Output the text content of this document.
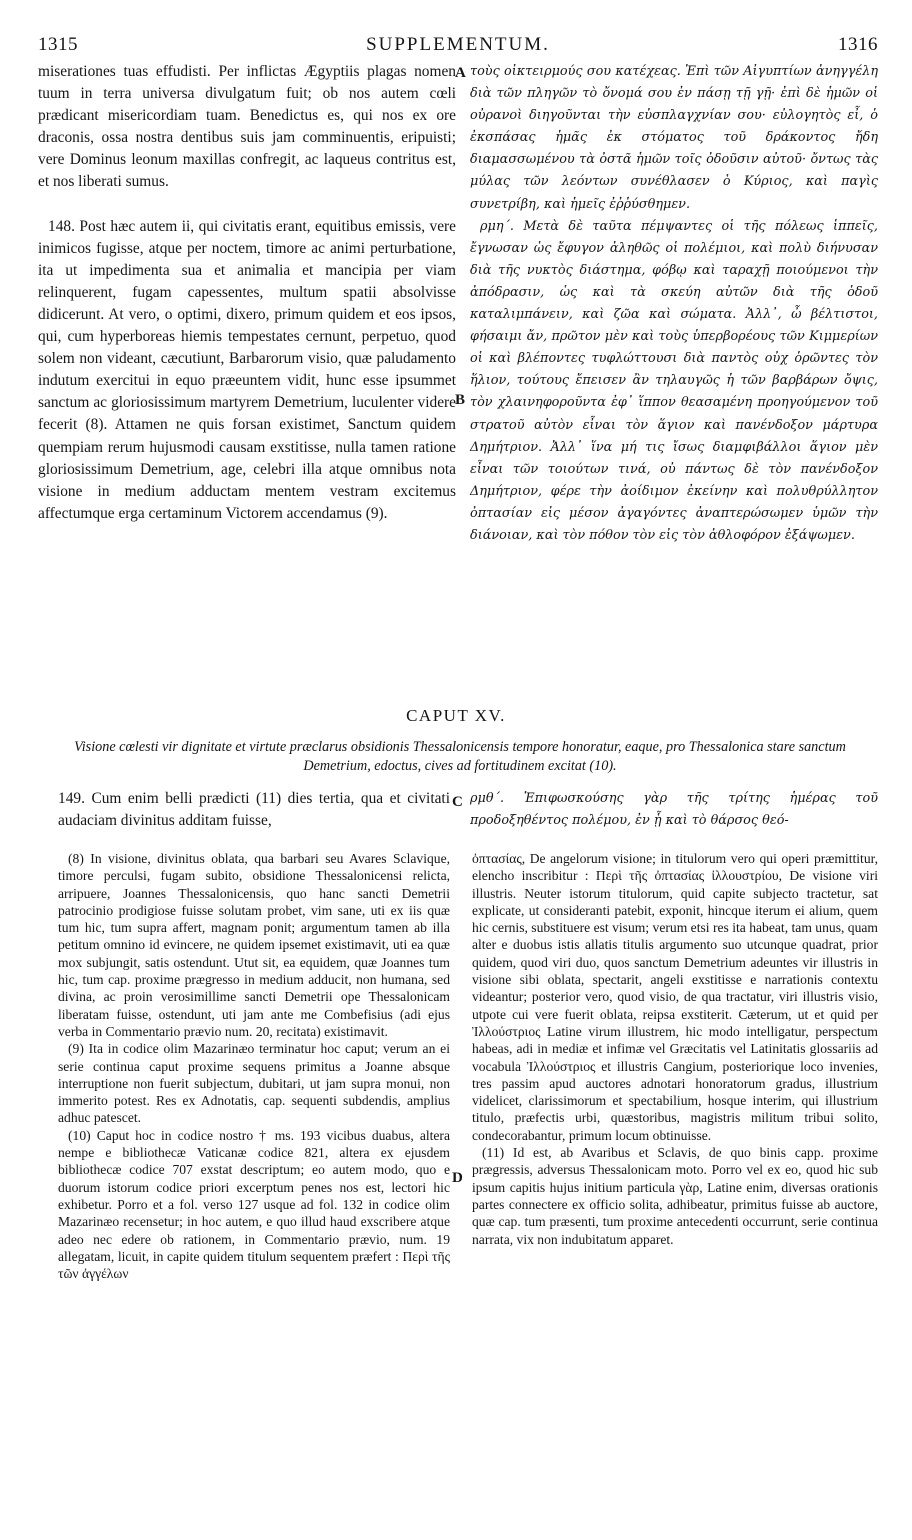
1315	SUPPLEMENTUM.	1316
A
B
C
D

miserationes tuas effudisti. Per inflictas Ægyptiis plagas nomen tuum in terra universa divulgatum fuit; ob nos autem cœli prædicant misericordiam tuam. Benedictus es, qui nos ex ore draconis, ossa nostra dentibus suis jam comminuentis, eripuisti; vere Dominus leonum maxillas confregit, ac laqueus contritus est, et nos liberati sumus.

148. Post hæc autem ii, qui civitatis erant, equitibus emissis, vere inimicos fugisse, atque per noctem, timore ac animi perturbatione, ita ut impedimenta sua et animalia et mancipia per viam relinquerent, fugam capessentes, multum spatii absolvisse didicerunt. At vero, o optimi, dixero, primum quidem et eos ipsos, qui, cum hyperboreas hiemis tempestates cernunt, perpetuo, quod solem non videant, cæcutiunt, Barbarorum visio, quæ paludamento indutum exercitui in equo præeuntem vidit, hunc esse ipsummet sanctum ac gloriosissimum martyrem Demetrium, luculenter videre fecerit (8). Attamen ne quis forsan existimet, Sanctum quidem quempiam rerum hujusmodi causam exstitisse, nulla tamen ratione gloriosissimum Demetrium, age, celebri illa atque omnibus nota visione in medium adductam mentem vestram excitemus affectumque erga certaminum Victorem accendamus (9).

τοὺς οἰκτειρμούς σου κατέχεας. Ἐπὶ τῶν Αἰγυπτίων ἀνηγγέλη διὰ τῶν πληγῶν τὸ ὄνομά σου ἐν πάσῃ τῇ γῇ· ἐπὶ δὲ ἡμῶν οἱ οὐρανοὶ διηγοῦνται τὴν εὐσπλαγχνίαν σου· εὐλογητὸς εἶ, ὁ ἐκσπάσας ἡμᾶς ἐκ στόματος τοῦ δράκοντος ἤδη διαμασσωμένου τὰ ὀστᾶ ἡμῶν τοῖς ὀδοῦσιν αὐτοῦ· ὄντως τὰς μύλας τῶν λεόντων συνέθλασεν ὁ Κύριος, καὶ παγὶς συνετρίβη, καὶ ἡμεῖς ἐῤῥύσθημεν.

ρμη΄. Μετὰ δὲ ταῦτα πέμψαντες οἱ τῆς πόλεως ἱππεῖς, ἔγνωσαν ὡς ἔφυγον ἀληθῶς οἱ πολέμιοι, καὶ πολὺ διήνυσαν διὰ τῆς νυκτὸς διάστημα, φόβῳ καὶ ταραχῇ ποιούμενοι τὴν ἀπόδρασιν, ὡς καὶ τὰ σκεύη αὐτῶν διὰ τῆς ὁδοῦ καταλιμπάνειν, καὶ ζῶα καὶ σώματα. Ἀλλ᾽, ὦ βέλτιστοι, φήσαιμι ἄν, πρῶτον μὲν καὶ τοὺς ὑπερβορέους τῶν Κιμμερίων οἱ καὶ βλέποντες τυφλώττουσι διὰ παντὸς οὐχ ὁρῶντες τὸν ἥλιον, τούτους ἔπεισεν ἂν τηλαυγῶς ἡ τῶν βαρβάρων ὄψις, τὸν χλαινηφοροῦντα ἐφ᾽ ἵππον θεασαμένη προηγούμενον τοῦ στρατοῦ αὐτὸν εἶναι τὸν ἅγιον καὶ πανένδοξον μάρτυρα Δημήτριον. Ἀλλ᾽ ἵνα μή τις ἴσως διαμφιβάλλοι ἅγιον μὲν εἶναι τῶν τοιούτων τινά, οὐ πάντως δὲ τὸν πανένδοξον Δημήτριον, φέρε τὴν ἀοίδιμον ἐκείνην καὶ πολυθρύλλητον ὀπτασίαν εἰς μέσον ἀγαγόντες ἀναπτερώσωμεν ὑμῶν τὴν διάνοιαν, καὶ τὸν πόθον τὸν εἰς τὸν ἀθλοφόρον ἐξάψωμεν.

CAPUT XV.
Visione cœlesti vir dignitate et virtute præclarus obsidionis Thessalonicensis tempore honoratur, eaque, pro Thessalonica stare sanctum Demetrium, edoctus, cives ad fortitudinem excitat (10).

149. Cum enim belli prædicti (11) dies tertia, qua et civitati audaciam divinitus additam fuisse,

ρμθ΄. Ἐπιφωσκούσης γὰρ τῆς τρίτης ἡμέρας τοῦ προδοξηθέντος πολέμου, ἐν ᾗ καὶ τὸ θάρσος θεό-

(8) In visione, divinitus oblata, qua barbari seu Avares Sclavique, timore perculsi, fugam subito, obsidione Thessalonicensi relicta, arripuere, Joannes Thessalonicensis, quo hanc sancti Demetrii patrocinio prodigiose fuisse solutam probet, vim sane, uti ex iis quæ tum hic, tum supra affert, magnam ponit; argumentum tamen ab illa petitum omnino id evincere, ne quidem ipsemet existimavit, uti ea quæ mox subjungit, satis ostendunt. Utut sit, ea equidem, quæ Joannes tum hic, tum cap. proxime prægresso in medium adducit, non humana, sed divina, ac proin verosimillime sancti Demetrii ope Thessalonicam liberatam fuisse, ostendunt, uti jam ante me Combefisius (adi ejus verba in Commentario prævio num. 20, recitata) existimavit.

(9) Ita in codice olim Mazarinæo terminatur hoc caput; verum an ei serie continua caput proxime sequens primitus a Joanne absque interruptione non fuerit subjectum, dubitari, ut jam supra monui, non immerito potest. Res ex Adnotatis, cap. sequenti subdendis, amplius adhuc patescet.

(10) Caput hoc in codice nostro † ms. 193 vicibus duabus, altera nempe e bibliothecæ Vaticanæ codice 821, altera ex ejusdem bibliothecæ codice 707 exstat descriptum; eo autem modo, quo e duorum istorum codice priori excerptum penes nos est, lectori hic exhibetur. Porro et a fol. verso 127 usque ad fol. 132 in codice olim Mazarinæo recensetur; in hoc autem, e quo illud haud exscribere atque adeo nec edere ob rationem, in Commentario prævio, num. 19 allegatam, licuit, in capite quidem titulum sequentem præfert : Περὶ τῆς τῶν ἀγγέλων

ὀπτασίας, De angelorum visione; in titulorum vero qui operi præmittitur, elencho inscribitur : Περὶ τῆς ὀπτασίας ἰλλουστρίου, De visione viri illustris. Neuter istorum titulorum, quid capite subjecto tractetur, sat explicate, ut consideranti patebit, exponit, hincque iterum ei alium, quem hic cernis, substituere est visum; verum etsi res ita habeat, tam unus, quam alter e duobus istis allatis titulis argumento suo utcunque quadrat, prior quidem, quod viri duo, quos sanctum Demetrium adeuntes vir illustris in visione sibi oblata, spectarit, angeli exstitisse e narrationis contextu videantur; posterior vero, quod visio, de qua tractatur, viri illustris visio, utpote cui vere fuerit oblata, reipsa exstiterit. Cæterum, ut et quid per Ἰλλούστριος Latine virum illustrem, hic modo intelligatur, perspectum habeas, adi in mediæ et infimæ vel Græcitatis vel Latinitatis glossariis ad vocabula Ἰλλούστριος et illustris Cangium, posteriorique loco invenies, tres passim apud auctores adnotari honoratorum gradus, illustrium videlicet, clarissimorum et spectabilium, hosque interim, qui illustrium titulo, præfectis urbi, quæstoribus, magistris militum tribui solito, condecorabantur, primum locum obtinuisse.

(11) Id est, ab Avaribus et Sclavis, de quo binis capp. proxime prægressis, adversus Thessalonicam moto. Porro vel ex eo, quod hic sub ipsum capitis hujus initium particula γὰρ, Latine enim, diversas orationis partes connectere ex officio solita, adhibeatur, primitus fuisse ab auctore, quæ cap. tum præsenti, tum proxime antecedenti occurrunt, serie continua narrata, vix non indubitatum apparet.
